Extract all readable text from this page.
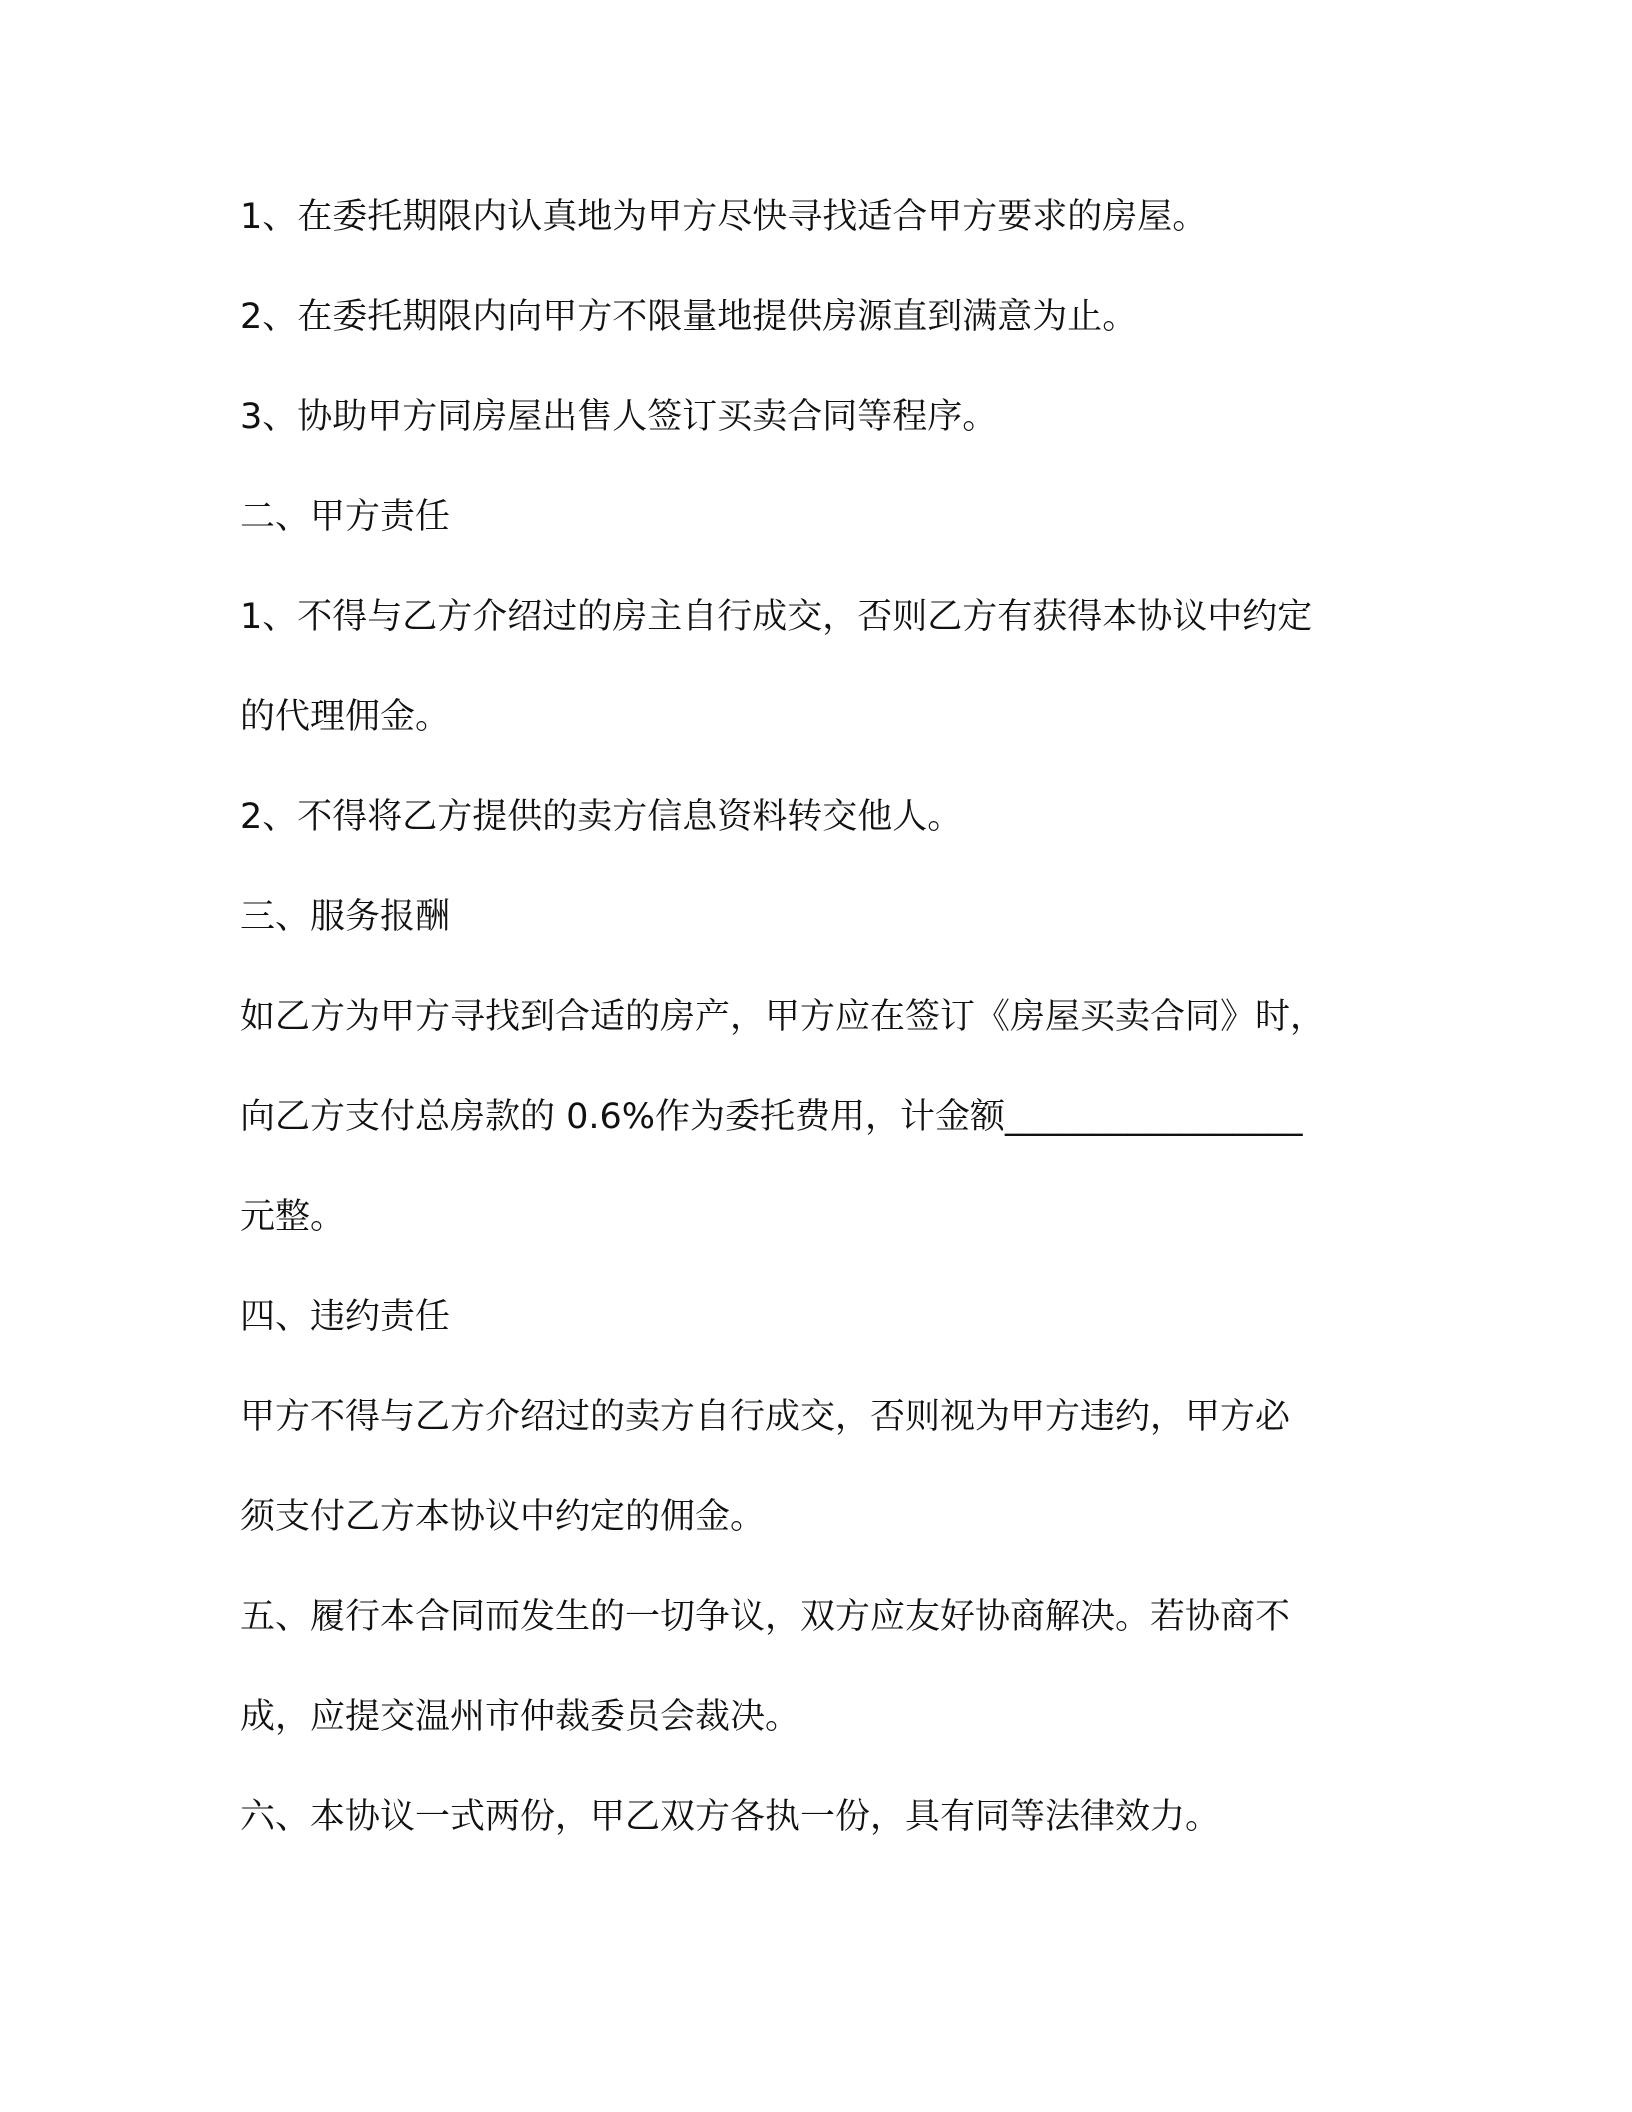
1、在委托期限内认真地为甲方尽快寻找适合甲方要求的房屋。
2、在委托期限内向甲方不限量地提供房源直到满意为止。
3、协助甲方同房屋出售人签订买卖合同等程序。
二、甲方责任
1、不得与乙方介绍过的房主自行成交，否则乙方有获得本协议中约定
的代理佣金。
2、不得将乙方提供的卖方信息资料转交他人。
三、服务报酬
如乙方为甲方寻找到合适的房产，甲方应在签订《房屋买卖合同》时，
向乙方支付总房款的 0.6%作为委托费用，计金额_________________
元整。
四、违约责任
甲方不得与乙方介绍过的卖方自行成交，否则视为甲方违约，甲方必
须支付乙方本协议中约定的佣金。
五、履行本合同而发生的一切争议，双方应友好协商解决。若协商不
成，应提交温州市仲裁委员会裁决。
六、本协议一式两份，甲乙双方各执一份，具有同等法律效力。
